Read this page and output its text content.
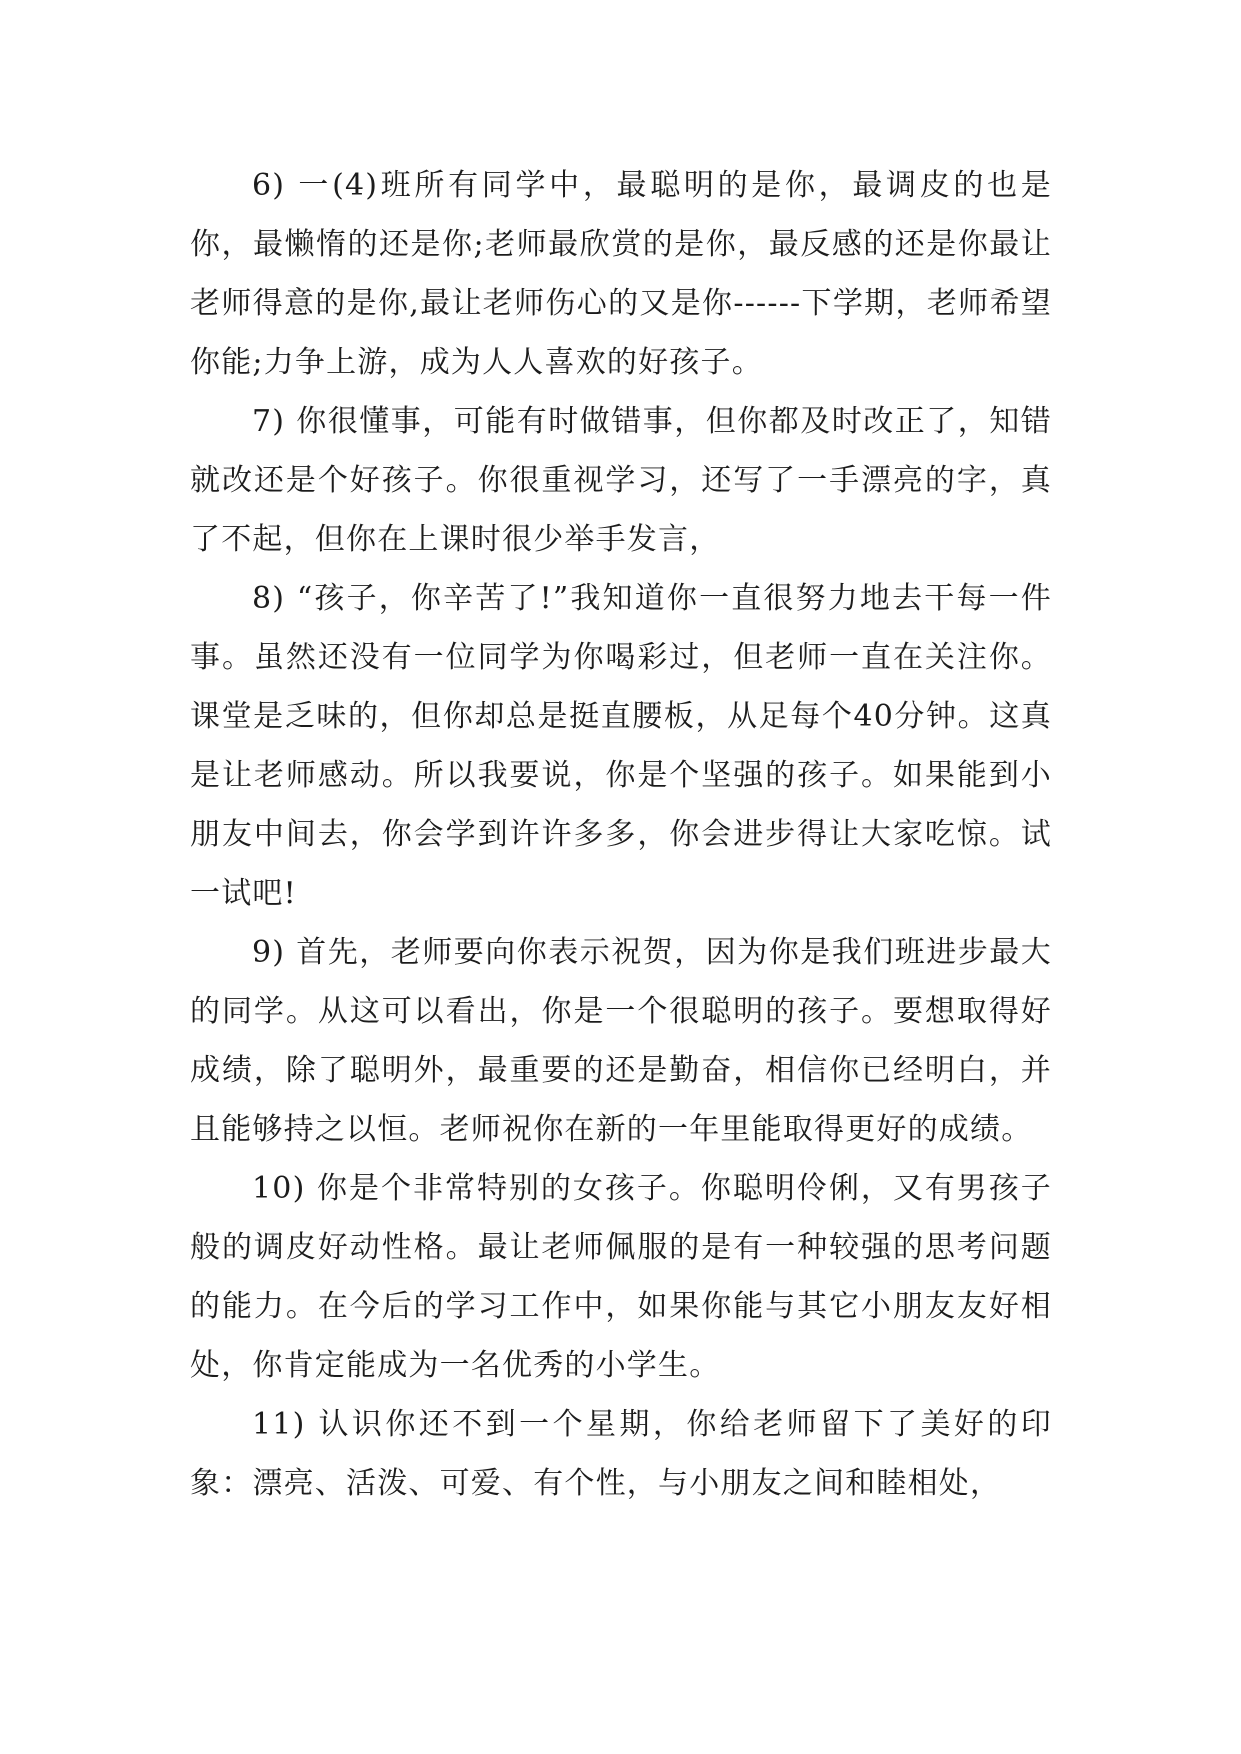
6) 一(4)班所有同学中，最聪明的是你，最调皮的也是你，最懒惰的还是你;老师最欣赏的是你，最反感的还是你最让老师得意的是你,最让老师伤心的又是你------下学期，老师希望你能;力争上游，成为人人喜欢的好孩子。

7) 你很懂事，可能有时做错事，但你都及时改正了，知错就改还是个好孩子。你很重视学习，还写了一手漂亮的字，真了不起，但你在上课时很少举手发言，

8) “孩子，你辛苦了!”我知道你一直很努力地去干每一件事。虽然还没有一位同学为你喝彩过，但老师一直在关注你。课堂是乏味的，但你却总是挺直腰板，从足每个40分钟。这真是让老师感动。所以我要说，你是个坚强的孩子。如果能到小朋友中间去，你会学到许许多多，你会进步得让大家吃惊。试一试吧!

9) 首先，老师要向你表示祝贺，因为你是我们班进步最大的同学。从这可以看出，你是一个很聪明的孩子。要想取得好成绩，除了聪明外，最重要的还是勤奋，相信你已经明白，并且能够持之以恒。老师祝你在新的一年里能取得更好的成绩。

10) 你是个非常特别的女孩子。你聪明伶俐，又有男孩子般的调皮好动性格。最让老师佩服的是有一种较强的思考问题的能力。在今后的学习工作中，如果你能与其它小朋友友好相处，你肯定能成为一名优秀的小学生。

11) 认识你还不到一个星期，你给老师留下了美好的印象：漂亮、活泼、可爱、有个性，与小朋友之间和睦相处，
